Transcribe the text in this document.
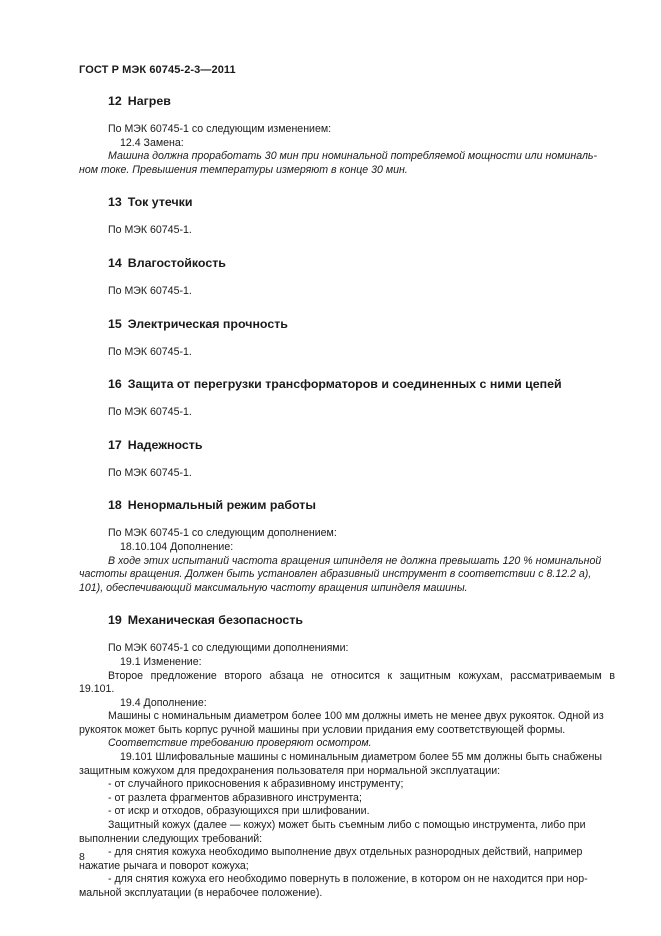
ГОСТ Р МЭК 60745-2-3—2011
12 Нагрев

По МЭК 60745-1 со следующим изменением:

12.4 Замена:

Машина должна проработать 30 мин при номинальной потребляемой мощности или номиналь-

ном токе. Превышения температуры измеряют в конце 30 мин.

13 Ток утечки

По МЭК 60745-1.

14 Влагостойкость

По МЭК 60745-1.

15 Электрическая прочность

По МЭК 60745-1.

16 Защита от перегрузки трансформаторов и соединенных с ними цепей

По МЭК 60745-1.

17 Надежность

По МЭК 60745-1.

18 Ненормальный режим работы

По МЭК 60745-1 со следующим дополнением:

18.10.104 Дополнение:

В ходе этих испытаний частота вращения шпинделя не должна превышать 120 % номинальной

частоты вращения. Должен быть установлен абразивный инструмент в соответствии с 8.12.2 а),

101), обеспечивающий максимальную частоту вращения шпинделя машины.

19 Механическая безопасность

По МЭК 60745-1 со следующими дополнениями:

19.1 Изменение:

Второе предложение второго абзаца не относится к защитным кожухам, рассматриваемым в

19.101.

19.4 Дополнение:

Машины с номинальным диаметром более 100 мм должны иметь не менее двух рукояток. Одной из

рукояток может быть корпус ручной машины при условии придания ему соответствующей формы.

Соответствие требованию проверяют осмотром.

19.101 Шлифовальные машины с номинальным диаметром более 55 мм должны быть снабжены

защитным кожухом для предохранения пользователя при нормальной эксплуатации:

- от случайного прикосновения к абразивному инструменту;

- от разлета фрагментов абразивного инструмента;

- от искр и отходов, образующихся при шлифовании.

Защитный кожух (далее — кожух) может быть съемным либо с помощью инструмента, либо при

выполнении следующих требований:

- для снятия кожуха необходимо выполнение двух отдельных разнородных действий, например

нажатие рычага и поворот кожуха;

- для снятия кожуха его необходимо повернуть в положение, в котором он не находится при нор-

мальной эксплуатации (в нерабочее положение).

8
